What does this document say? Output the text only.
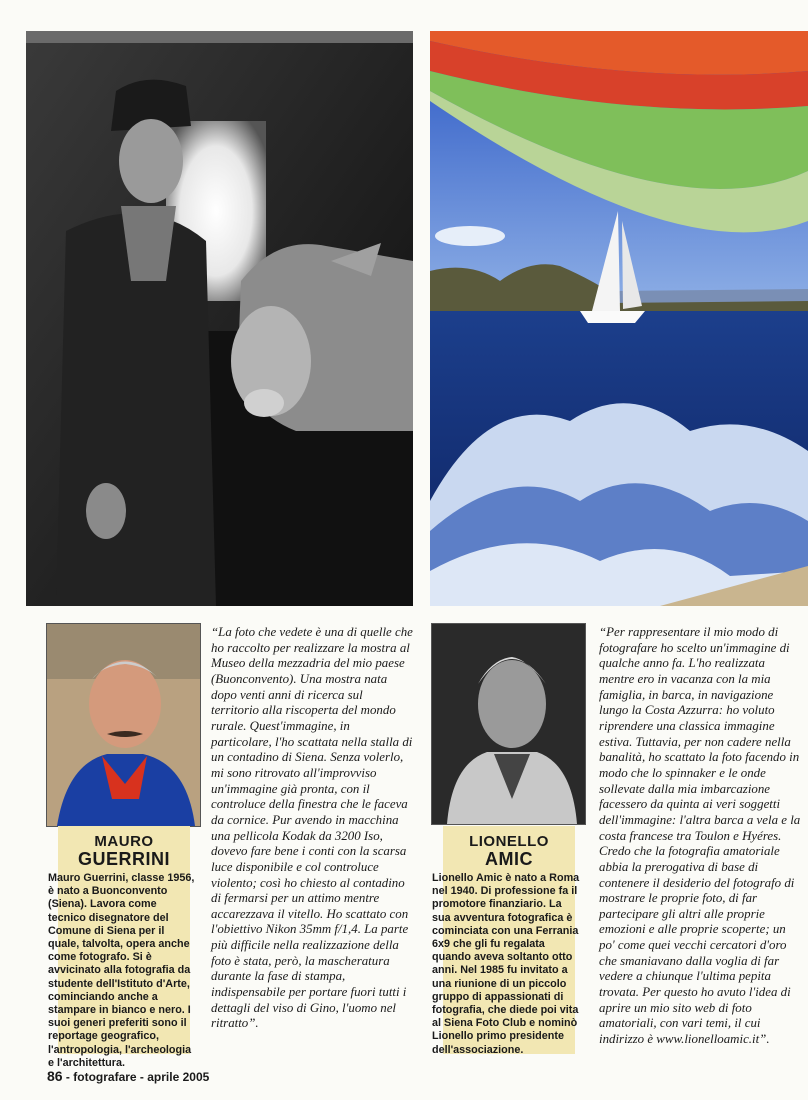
MAURO
GUERRINI

Mauro Guerrini, classe 1956, è nato a Buonconvento (Siena). Lavora come tecnico disegnatore del Comune di Siena per il quale, talvolta, opera anche come fotografo. Si è avvicinato alla fotografia da studente dell'Istituto d'Arte, cominciando anche a stampare in bianco e nero. I suoi generi preferiti sono il reportage geografico, l'antropologia, l'archeologia e l'architettura.

“La foto che vedete è una di quelle che ho raccolto per realizzare la mostra al Museo della mezzadria del mio paese (Buonconvento). Una mostra nata dopo venti anni di ricerca sul territorio alla riscoperta del mondo rurale. Quest'immagine, in particolare, l'ho scattata nella stalla di un contadino di Siena. Senza volerlo, mi sono ritrovato all'improvviso un'immagine già pronta, con il controluce della finestra che le faceva da cornice. Pur avendo in macchina una pellicola Kodak da 3200 Iso, dovevo fare bene i conti con la scarsa luce disponibile e col controluce violento; così ho chiesto al contadino di fermarsi per un attimo mentre accarezzava il vitello. Ho scattato con l'obiettivo Nikon 35mm f/1,4. La parte più difficile nella realizzazione della foto è stata, però, la mascheratura durante la fase di stampa, indispensabile per portare fuori tutti i dettagli del viso di Gino, l'uomo nel ritratto”.

LIONELLO
AMIC

Lionello Amic è nato a Roma nel 1940. Di professione fa il promotore finanziario. La sua avventura fotografica è cominciata con una Ferrania 6x9 che gli fu regalata quando aveva soltanto otto anni. Nel 1985 fu invitato a una riunione di un piccolo gruppo di appassionati di fotografia, che diede poi vita al Siena Foto Club e nominò Lionello primo presidente dell'associazione.

“Per rappresentare il mio modo di fotografare ho scelto un'immagine di qualche anno fa. L'ho realizzata mentre ero in vacanza con la mia famiglia, in barca, in navigazione lungo la Costa Azzurra: ho voluto riprendere una classica immagine estiva. Tuttavia, per non cadere nella banalità, ho scattato la foto facendo in modo che lo spinnaker e le onde sollevate dalla mia imbarcazione facessero da quinta ai veri soggetti dell'immagine: l'altra barca a vela e la costa francese tra Toulon e Hyéres. Credo che la fotografia amatoriale abbia la prerogativa di base di contenere il desiderio del fotografo di mostrare le proprie foto, di far partecipare gli altri alle proprie emozioni e alle proprie scoperte; un po' come quei vecchi cercatori d'oro che smaniavano dalla voglia di far vedere a chiunque l'ultima pepita trovata. Per questo ho avuto l'idea di aprire un mio sito web di foto amatoriali, con vari temi, il cui indirizzo è www.lionelloamic.it”.

86 - fotografare - aprile 2005
